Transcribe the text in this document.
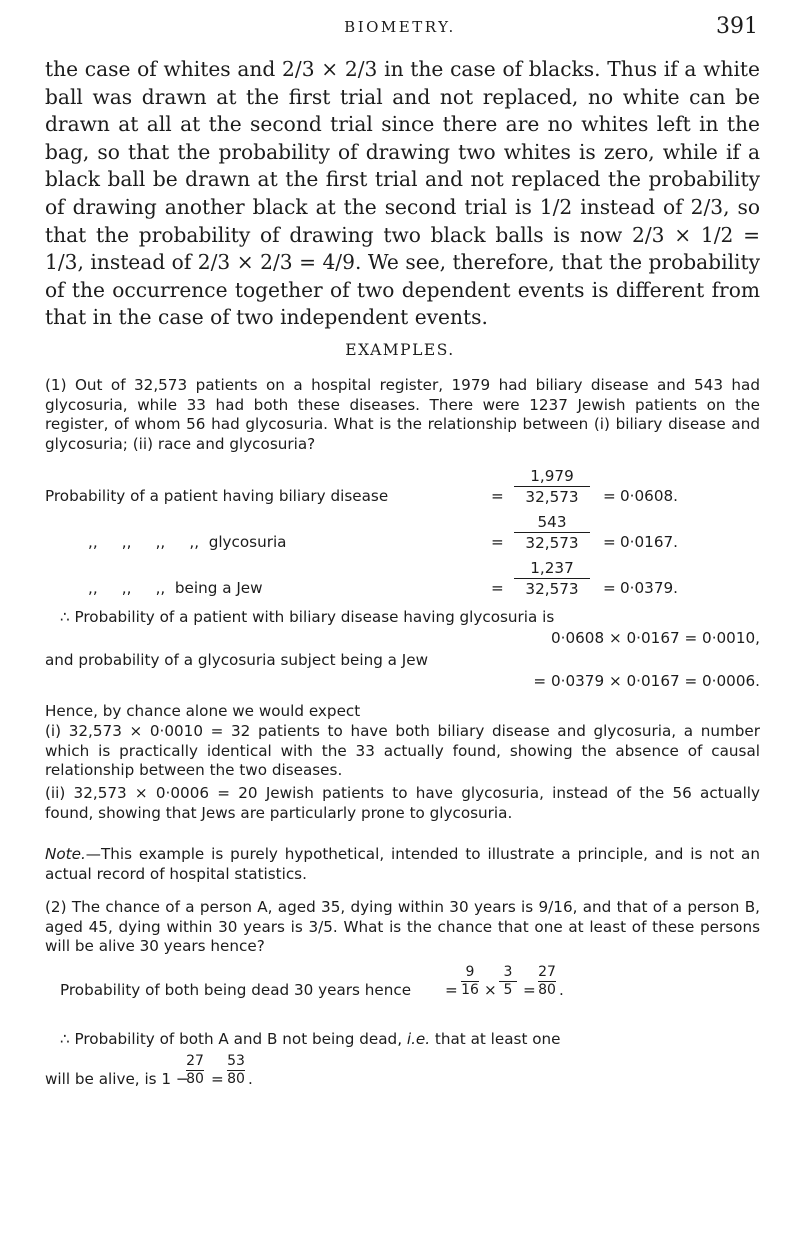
BIOMETRY.	391

the case of whites and 2/3 × 2/3 in the case of blacks. Thus if a white ball was drawn at the first trial and not replaced, no white can be drawn at all at the second trial since there are no whites left in the bag, so that the probability of drawing two whites is zero, while if a black ball be drawn at the first trial and not replaced the probability of drawing another black at the second trial is 1/2 instead of 2/3, so that the probability of drawing two black balls is now 2/3 × 1/2 = 1/3, instead of 2/3 × 2/3 = 4/9. We see, therefore, that the probability of the occurrence together of two dependent events is different from that in the case of two independent events.

EXAMPLES.

(1) Out of 32,573 patients on a hospital register, 1979 had biliary disease and 543 had glycosuria, while 33 had both these diseases. There were 1237 Jewish patients on the register, of whom 56 had glycosuria. What is the relationship between (i) biliary disease and glycosuria; (ii) race and glycosuria?

Probability of a patient having biliary disease	=
1,979
32,573	= 0·0608.
,,     ,,     ,,     ,,  glycosuria	=
543
32,573	= 0·0167.
,,     ,,     ,,  being a Jew	=
1,237
32,573	= 0·0379.
∴ Probability of a patient with biliary disease having glycosuria is
0·0608 × 0·0167 = 0·0010,
and probability of a glycosuria subject being a Jew
= 0·0379 × 0·0167 = 0·0006.
Hence, by chance alone we would expect

(i) 32,573 × 0·0010 = 32 patients to have both biliary disease and glycosuria, a number which is practically identical with the 33 actually found, showing the absence of causal relationship between the two diseases.

(ii) 32,573 × 0·0006 = 20 Jewish patients to have glycosuria, instead of the 56 actually found, showing that Jews are particularly prone to glycosuria.

Note.—This example is purely hypothetical, intended to illustrate a principle, and is not an actual record of hospital statistics.

(2) The chance of a person A, aged 35, dying within 30 years is 9/16, and that of a person B, aged 45, dying within 30 years is 3/5. What is the chance that one at least of these persons will be alive 30 years hence?

Probability of both being dead 30 years hence =
9
16 ×
3
5 =
27
80 .
∴ Probability of both A and B not being dead, i.e. that at least one
will be alive, is 1 −
27
80 =
53
80 .
